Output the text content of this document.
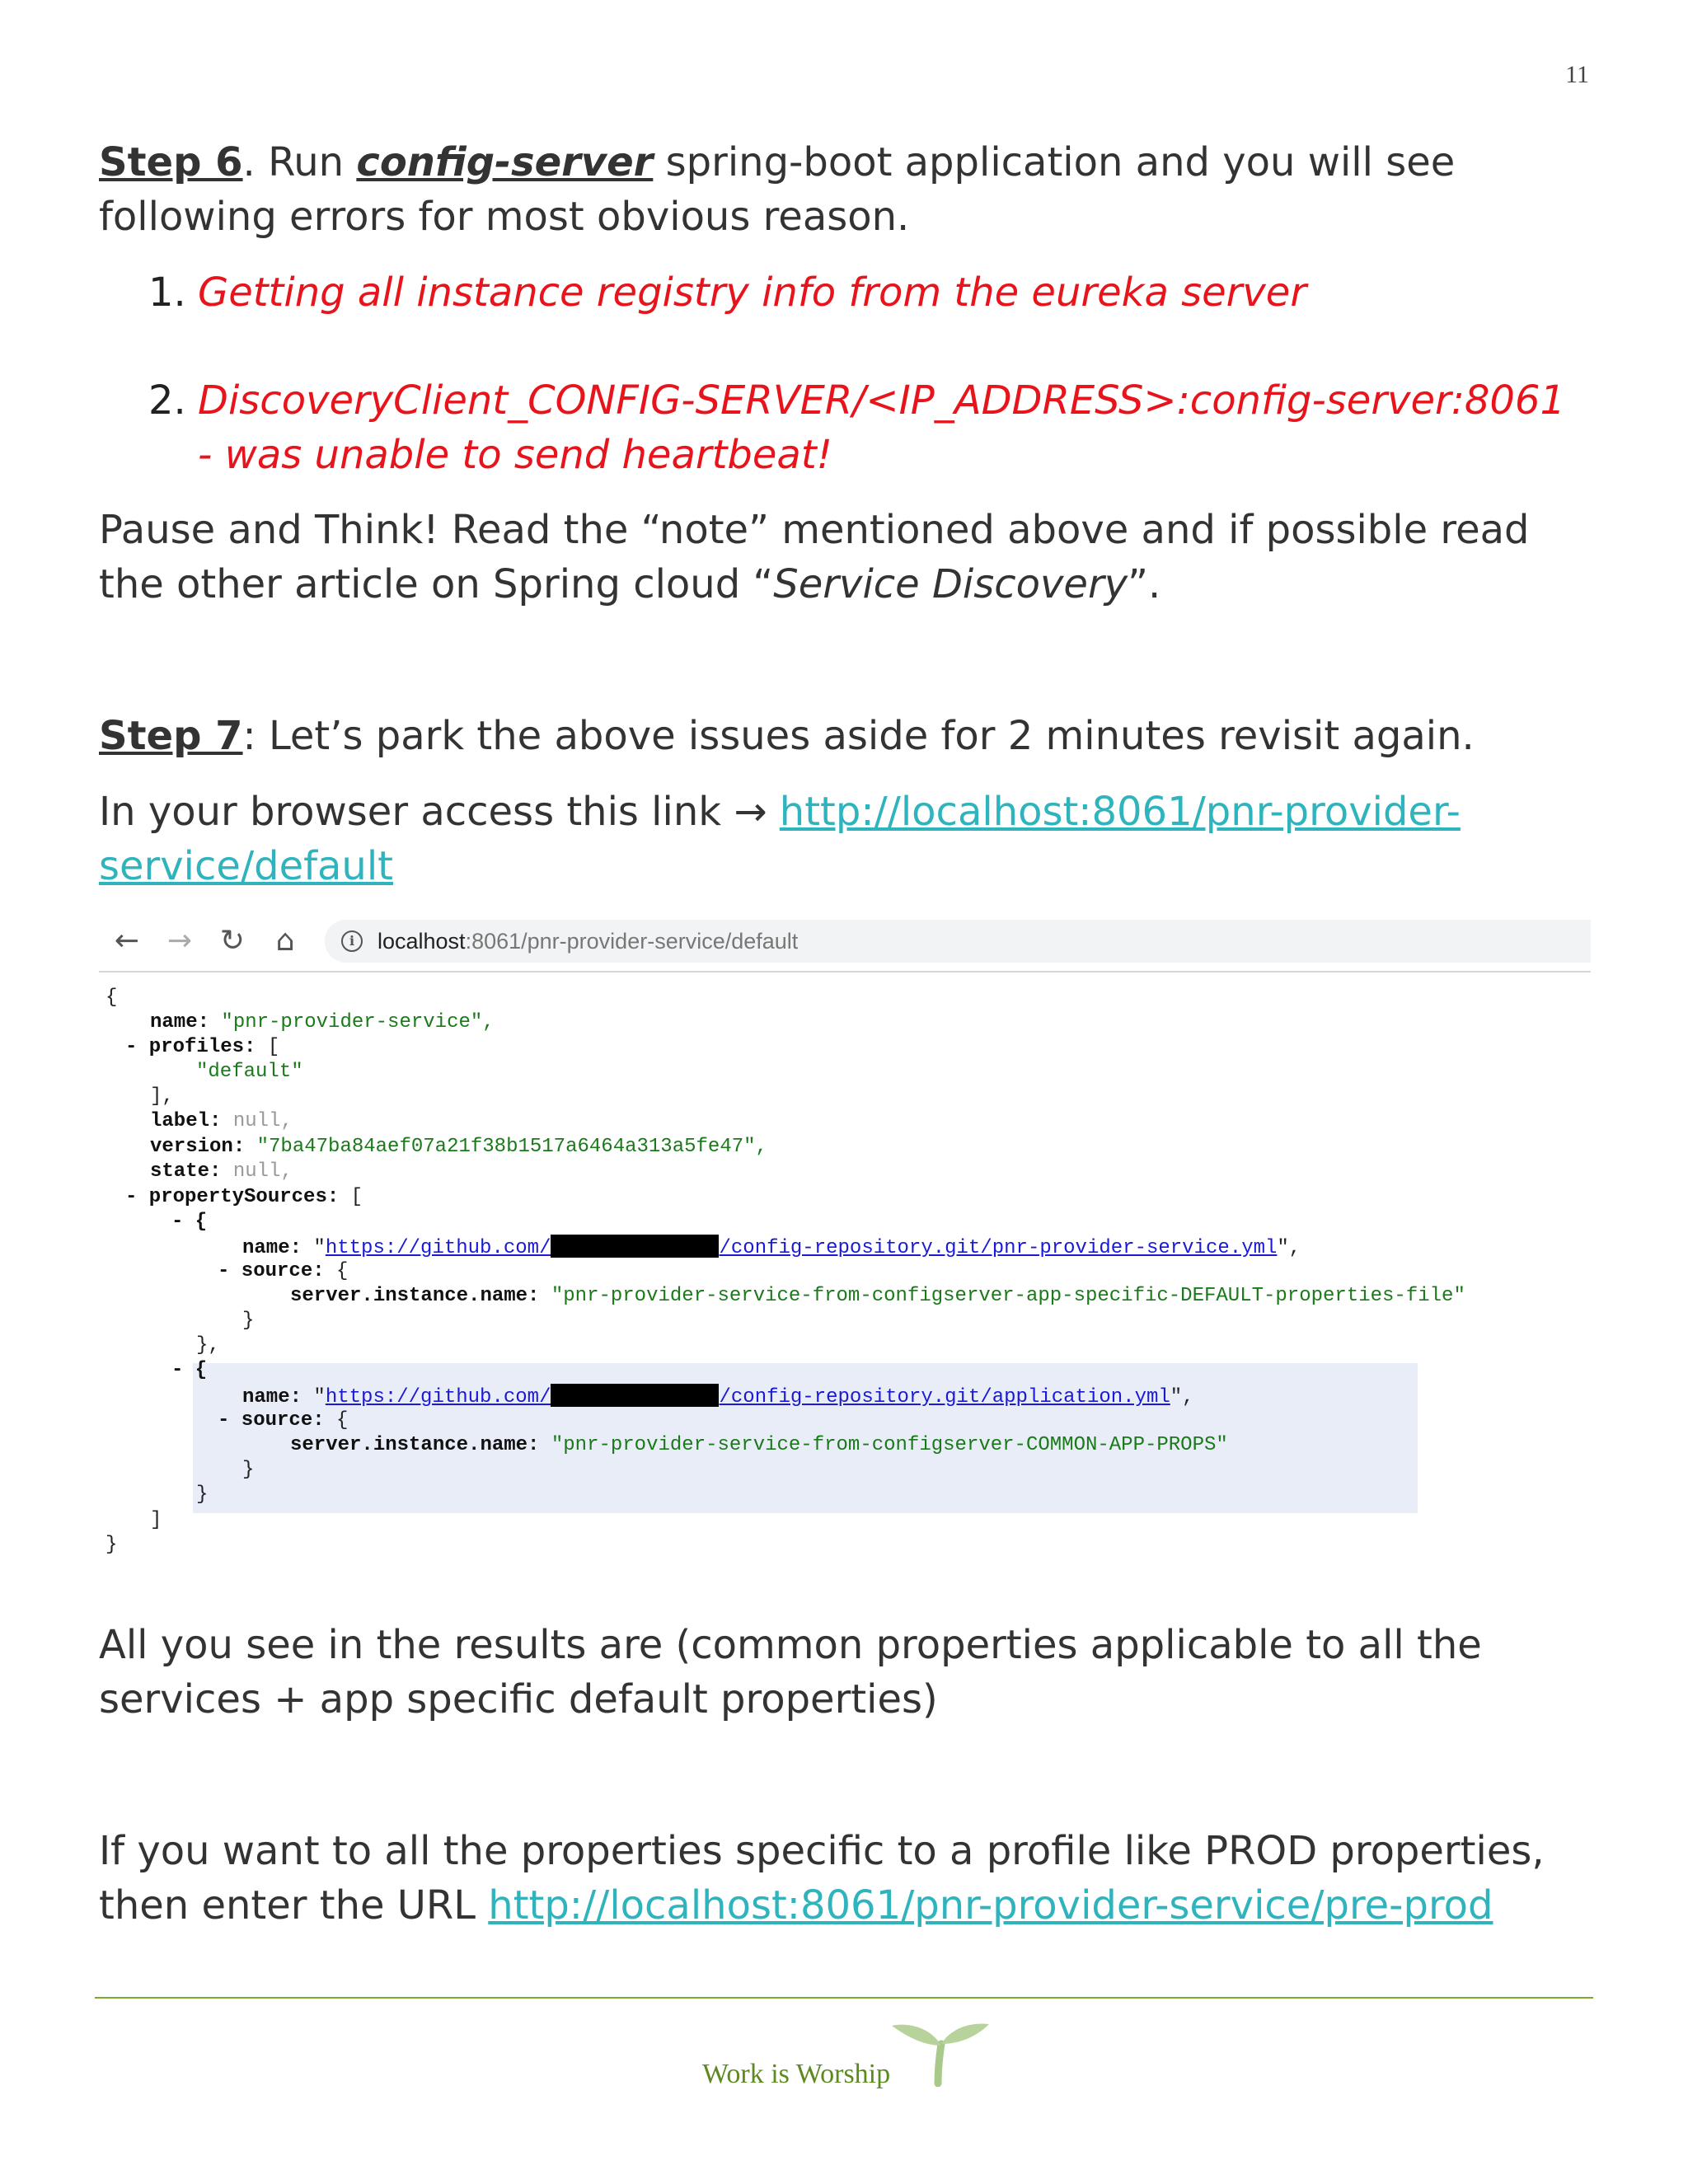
11

Step 6. Run config-server spring-boot application and you will see following errors for most obvious reason.

1. Getting all instance registry info from the eureka server
2. DiscoveryClient_CONFIG-SERVER/<IP_ADDRESS>:config-server:8061 - was unable to send heartbeat!

Pause and Think! Read the “note” mentioned above and if possible read the other article on Spring cloud “Service Discovery”.

Step 7: Let’s park the above issues aside for 2 minutes revisit again.

In your browser access this link → http://localhost:8061/pnr-provider-service/default

← → ↻ ⌂	i	localhost:8061/pnr-provider-service/default
{
name: "pnr-provider-service",
- profiles: [
"default"
],
label: null,
version: "7ba47ba84aef07a21f38b1517a6464a313a5fe47",
state: null,
- propertySources: [
- {
name: "https://github.com/	/config-repository.git/pnr-provider-service.yml",
- source: {
server.instance.name: "pnr-provider-service-from-configserver-app-specific-DEFAULT-properties-file"
}
},
- {
name: "https://github.com/	/config-repository.git/application.yml",
- source: {
server.instance.name: "pnr-provider-service-from-configserver-COMMON-APP-PROPS"
}
}
]
}

All you see in the results are (common properties applicable to all the services + app specific default properties)

If you want to all the properties specific to a profile like PROD properties, then enter the URL http://localhost:8061/pnr-provider-service/pre-prod

Work is Worship
